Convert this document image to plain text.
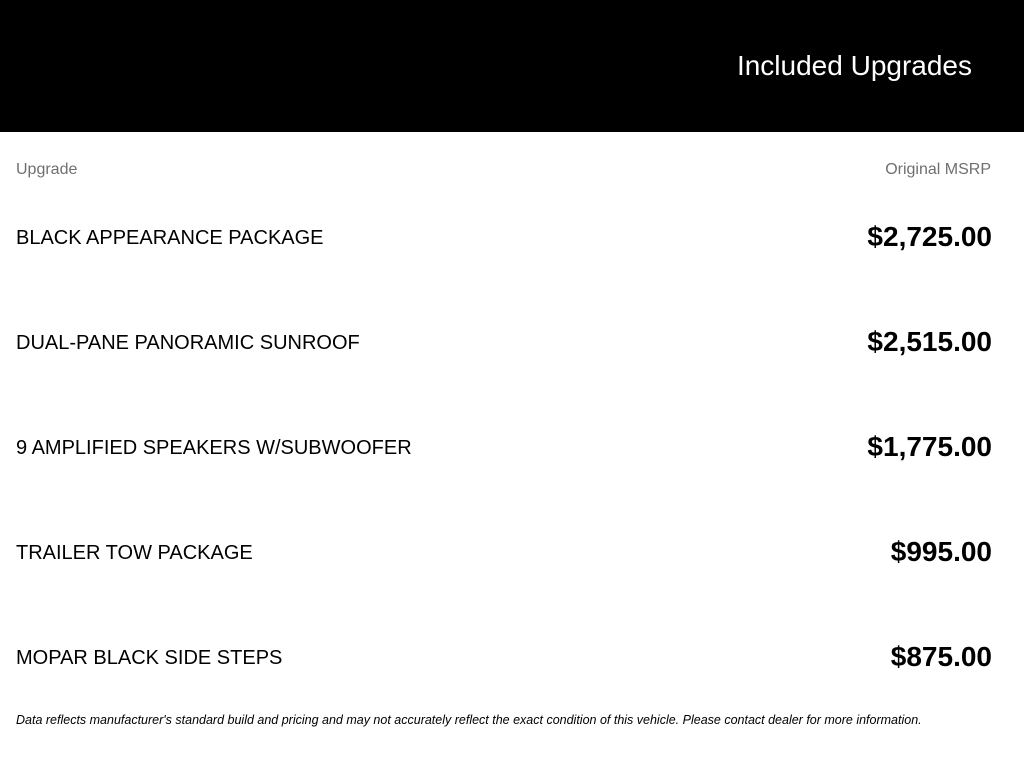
Included Upgrades
Upgrade	Original MSRP
BLACK APPEARANCE PACKAGE	$2,725.00
DUAL-PANE PANORAMIC SUNROOF	$2,515.00
9 AMPLIFIED SPEAKERS W/SUBWOOFER	$1,775.00
TRAILER TOW PACKAGE	$995.00
MOPAR BLACK SIDE STEPS	$875.00
Data reflects manufacturer's standard build and pricing and may not accurately reflect the exact condition of this vehicle. Please contact dealer for more information.
